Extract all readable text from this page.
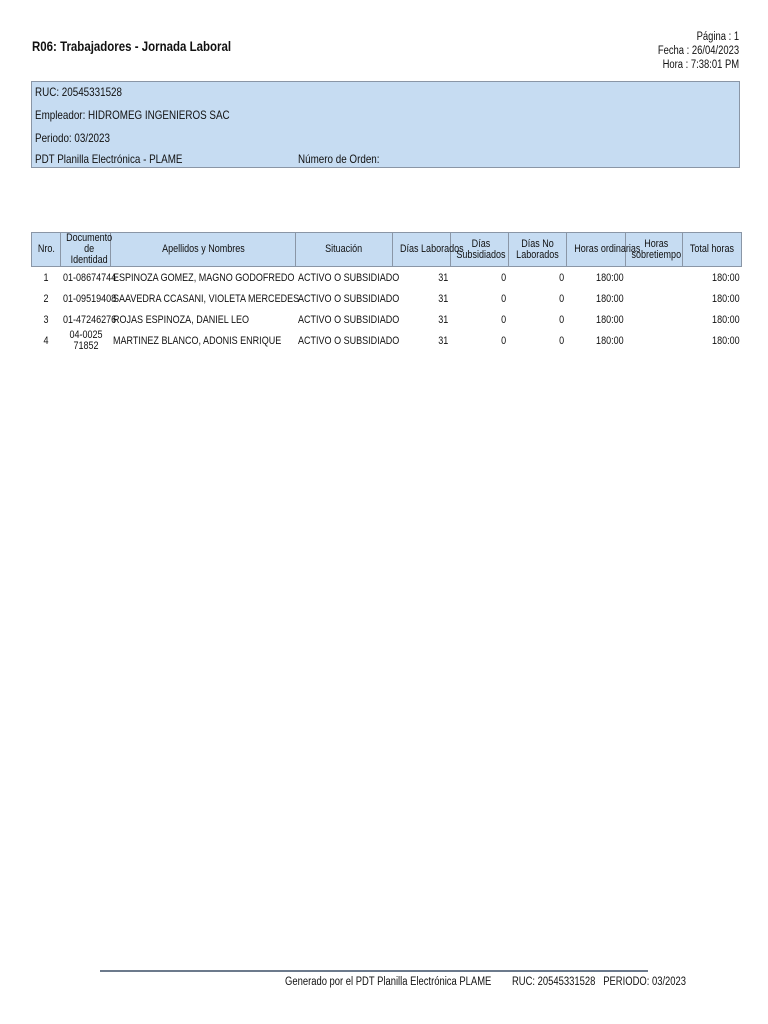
R06: Trabajadores - Jornada Laboral
Página : 1
Fecha : 26/04/2023
Hora : 7:38:01 PM
RUC: 20545331528
Empleador: HIDROMEG INGENIEROS SAC
Periodo: 03/2023
PDT Planilla Electrónica - PLAME	Número de Orden:
Nro.	Documento de Identidad	Apellidos y Nombres	Situación	Días Laborados	Días Subsidiados	Días No Laborados	Horas ordinarias	Horas sobretiempo	Total horas
1	01-08674744	ESPINOZA GOMEZ, MAGNO GODOFREDO	ACTIVO O SUBSIDIADO	31	0	0	180:00		180:00
2	01-09519408	SAAVEDRA CCASANI, VIOLETA MERCEDES	ACTIVO O SUBSIDIADO	31	0	0	180:00		180:00
3	01-47246276	ROJAS ESPINOZA, DANIEL LEO	ACTIVO O SUBSIDIADO	31	0	0	180:00		180:00
4	04-002571852	MARTINEZ BLANCO, ADONIS ENRIQUE	ACTIVO O SUBSIDIADO	31	0	0	180:00		180:00
Generado por el PDT Planilla Electrónica PLAME RUC: 20545331528   PERIODO: 03/2023
